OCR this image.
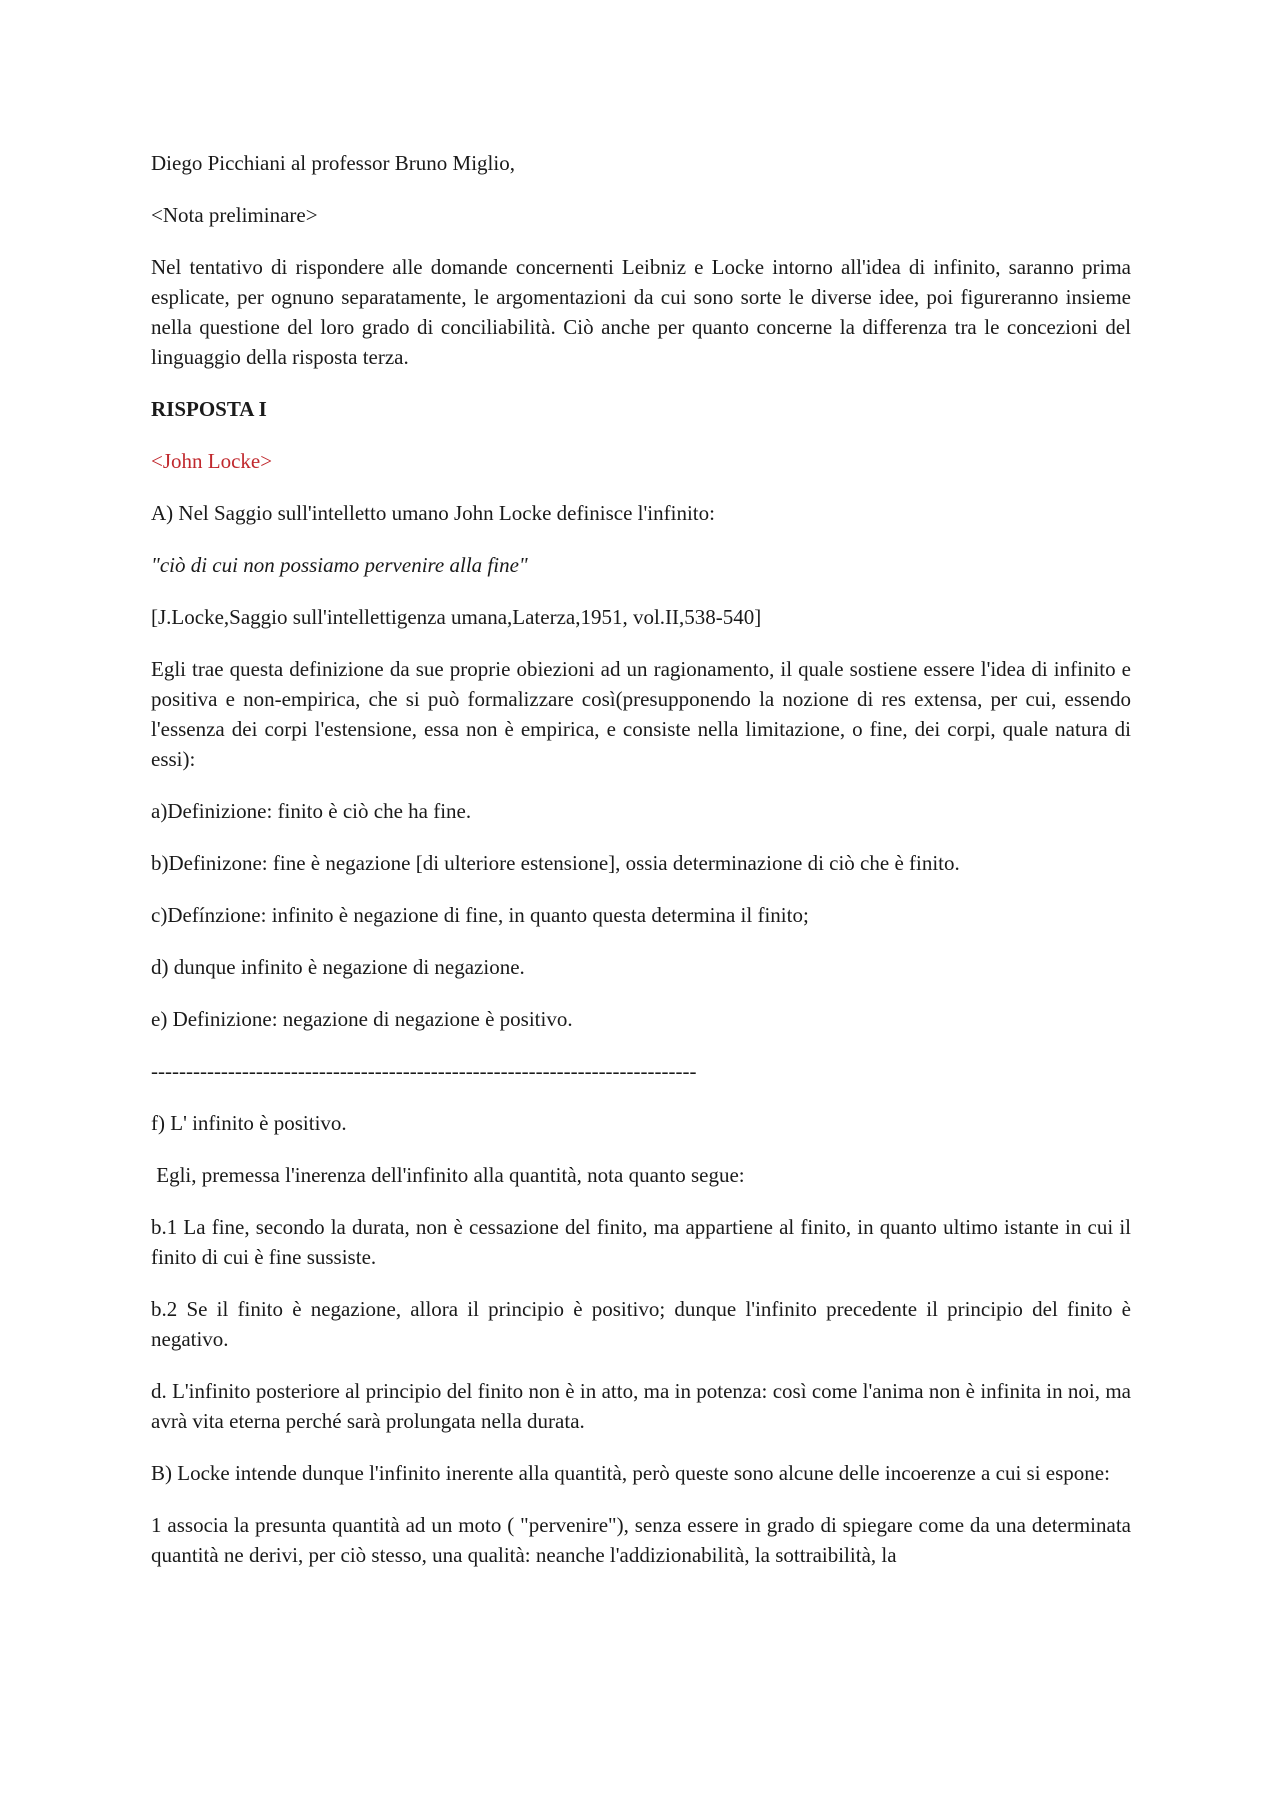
Diego Picchiani al professor Bruno Miglio,

<Nota preliminare>

Nel tentativo di rispondere alle domande concernenti Leibniz e Locke intorno all'idea di infinito, saranno prima esplicate, per ognuno separatamente, le argomentazioni da cui sono sorte le diverse idee, poi figureranno insieme nella questione del loro grado di conciliabilità. Ciò anche per quanto concerne la differenza tra le concezioni del linguaggio della risposta terza.

RISPOSTA I

<John Locke>

A) Nel Saggio sull'intelletto umano John Locke definisce l'infinito:

"ciò di cui non possiamo pervenire alla fine"

[J.Locke,Saggio sull'intellettigenza umana,Laterza,1951, vol.II,538-540]

Egli trae questa definizione da sue proprie obiezioni ad un ragionamento, il quale sostiene essere l'idea di infinito e positiva e non-empirica, che si può formalizzare così(presupponendo la nozione di res extensa, per cui, essendo l'essenza dei corpi l'estensione, essa non è empirica, e consiste nella limitazione, o fine, dei corpi, quale natura di essi):

a)Definizione: finito è ciò che ha fine.

b)Definizone: fine è negazione [di ulteriore estensione], ossia determinazione di ciò che è finito.

c)Defínzione: infinito è negazione di fine, in quanto questa determina il finito;

d) dunque infinito è negazione di negazione.

e) Definizione: negazione di negazione è positivo.

------------------------------------------------------------------------------

f) L' infinito è positivo.

Egli, premessa l'inerenza dell'infinito alla quantità, nota quanto segue:

b.1 La fine, secondo la durata, non è cessazione del finito, ma appartiene al finito, in quanto ultimo istante in cui il finito di cui è fine sussiste.

b.2 Se il finito è negazione, allora il principio è positivo; dunque l'infinito precedente il principio del finito è negativo.

d. L'infinito posteriore al principio del finito non è in atto, ma in potenza: così come l'anima non è infinita in noi, ma avrà vita eterna perché sarà prolungata nella durata.

B) Locke intende dunque l'infinito inerente alla quantità, però queste sono alcune delle incoerenze a cui si espone:

1 associa la presunta quantità ad un moto ( "pervenire"), senza essere in grado di spiegare come da una determinata quantità ne derivi, per ciò stesso, una qualità: neanche l'addizionabilità, la sottraibilità, la
